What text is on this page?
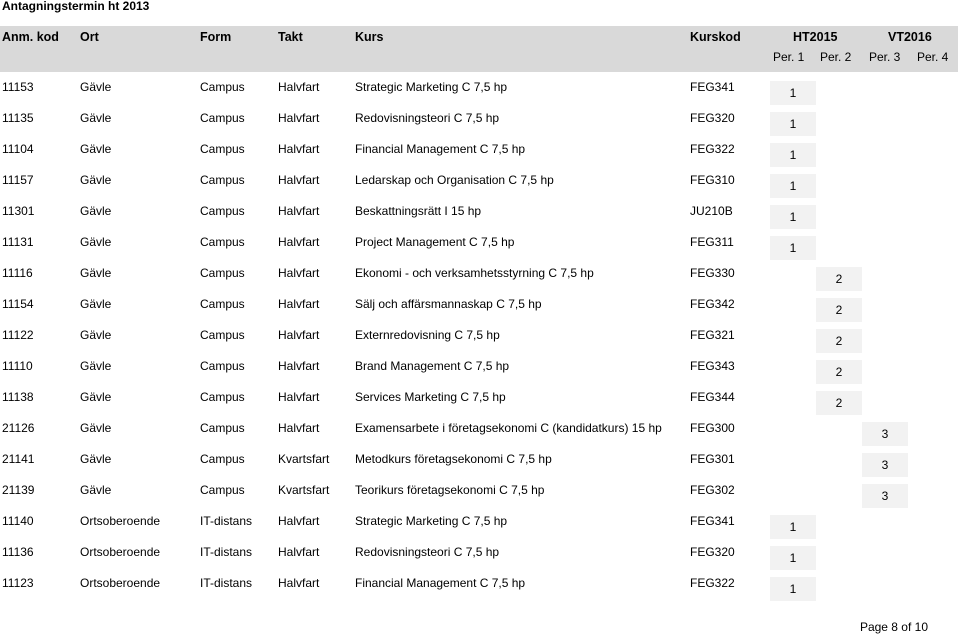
Antagningstermin ht 2013
Anm. kod Ort	Form	Takt	Kurs	Kurskod	HT2015	VT2016
Per. 1 Per. 2 Per. 3 Per. 4
11153	Gävle	Campus	Halvfart	Strategic Marketing C 7,5 hp	FEG341	1
11135	Gävle	Campus	Halvfart	Redovisningsteori C 7,5 hp	FEG320	1
11104	Gävle	Campus	Halvfart	Financial Management C 7,5 hp	FEG322	1
11157	Gävle	Campus	Halvfart	Ledarskap och Organisation C 7,5 hp	FEG310	1
11301	Gävle	Campus	Halvfart	Beskattningsrätt I 15 hp	JU210B	1
11131	Gävle	Campus	Halvfart	Project Management C 7,5 hp	FEG311	1
11116	Gävle	Campus	Halvfart	Ekonomi - och verksamhetsstyrning C 7,5 hp	FEG330	2
11154	Gävle	Campus	Halvfart	Sälj och affärsmannaskap C 7,5 hp	FEG342	2
11122	Gävle	Campus	Halvfart	Externredovisning C 7,5 hp	FEG321	2
11110	Gävle	Campus	Halvfart	Brand Management C 7,5 hp	FEG343	2
11138	Gävle	Campus	Halvfart	Services Marketing C 7,5 hp	FEG344	2
21126	Gävle	Campus	Halvfart	Examensarbete i företagsekonomi C (kandidatkurs) 15 hp FEG300	3
21141	Gävle	Campus	Kvartsfart Metodkurs företagsekonomi C 7,5 hp	FEG301	3
21139	Gävle	Campus	Kvartsfart Teorikurs företagsekonomi C 7,5 hp	FEG302	3
11140	Ortsoberoende	IT-distans Halvfart	Strategic Marketing C 7,5 hp	FEG341	1
11136	Ortsoberoende	IT-distans Halvfart	Redovisningsteori C 7,5 hp	FEG320	1
11123	Ortsoberoende	IT-distans Halvfart	Financial Management C 7,5 hp	FEG322	1
Page 8 of 10
